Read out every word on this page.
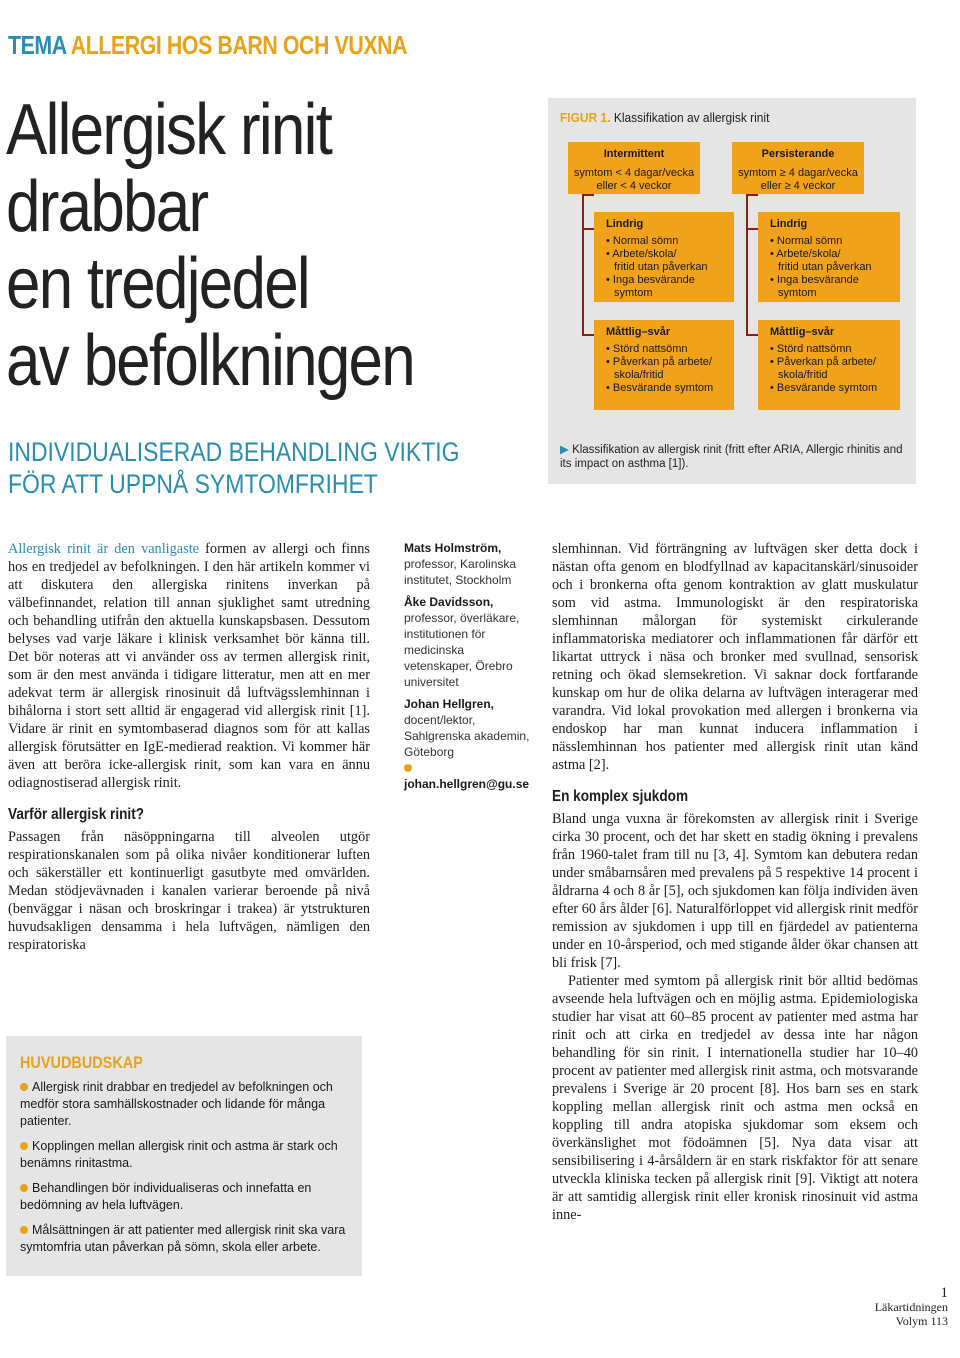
TEMA ALLERGI HOS BARN OCH VUXNA
Allergisk rinit
drabbar
en tredjedel
av befolkningen
INDIVIDUALISERAD BEHANDLING VIKTIG
FÖR ATT UPPNÅ SYMTOMFRIHET
FIGUR 1. Klassifikation av allergisk rinit
Intermittent
symtom < 4 dagar/vecka
eller < 4 veckor
Persisterande
symtom ≥ 4 dagar/vecka
eller ≥ 4 veckor
Lindrig
• Normal sömn
• Arbete/skola/
fritid utan påverkan
• Inga besvärande symtom
Lindrig
• Normal sömn
• Arbete/skola/
fritid utan påverkan
• Inga besvärande symtom
Måttlig–svår
• Störd nattsömn
• Påverkan på arbete/
skola/fritid
• Besvärande symtom
Måttlig–svår
• Störd nattsömn
• Påverkan på arbete/
skola/fritid
• Besvärande symtom
▶ Klassifikation av allergisk rinit (fritt efter ARIA, Allergic rhinitis and its impact on asthma [1]).

Allergisk rinit är den vanligaste formen av allergi och finns hos en tredjedel av befolkningen. I den här artikeln kommer vi att diskutera den allergiska rinitens inverkan på välbefinnandet, relation till annan sjuklighet samt utredning och behandling utifrån den aktuella kunskapsbasen. Dessutom belyses vad varje läkare i klinisk verksamhet bör känna till. Det bör noteras att vi använder oss av termen allergisk rinit, som är den mest använda i tidigare litteratur, men att en mer adekvat term är allergisk rinosinuit då luftvägsslemhinnan i bihålorna i stort sett alltid är engagerad vid allergisk rinit [1]. Vidare är rinit en symtombaserad diagnos som för att kallas allergisk förutsätter en IgE-medierad reaktion. Vi kommer här även att beröra icke-allergisk rinit, som kan vara en ännu odiagnostiserad allergisk rinit.

Varför allergisk rinit?

Passagen från näsöppningarna till alveolen utgör respirationskanalen som på olika nivåer konditionerar luften och säkerställer ett kontinuerligt gasutbyte med omvärlden. Medan stödjevävnaden i kanalen varierar beroende på nivå (benväggar i näsan och broskringar i trakea) är ytstrukturen huvudsakligen densamma i hela luftvägen, nämligen den respiratoriska

Mats Holmström,
professor, Karolinska institutet, Stockholm
Åke Davidsson,
professor, överläkare, institutionen för medicinska vetenskaper, Örebro universitet
Johan Hellgren,
docent/lektor, Sahlgrenska akademin, Göteborg
johan.hellgren@gu.se

slemhinnan. Vid förträngning av luftvägen sker detta dock i nästan ofta genom en blodfyllnad av kapacitanskärl/sinusoider och i bronkerna ofta genom kontraktion av glatt muskulatur som vid astma. Immunologiskt är den respiratoriska slemhinnan målorgan för systemiskt cirkulerande inflammatoriska mediatorer och inflammationen får därför ett likartat uttryck i näsa och bronker med svullnad, sensorisk retning och ökad slemsekretion. Vi saknar dock fortfarande kunskap om hur de olika delarna av luftvägen interagerar med varandra. Vid lokal provokation med allergen i bronkerna via endoskop har man kunnat inducera inflammation i nässlemhinnan hos patienter med allergisk rinit utan känd astma [2].

En komplex sjukdom

Bland unga vuxna är förekomsten av allergisk rinit i Sverige cirka 30 procent, och det har skett en stadig ökning i prevalens från 1960-talet fram till nu [3, 4]. Symtom kan debutera redan under småbarnsåren med prevalens på 5 respektive 14 procent i åldrarna 4 och 8 år [5], och sjukdomen kan följa individen även efter 60 års ålder [6]. Naturalförloppet vid allergisk rinit medför remission av sjukdomen i upp till en fjärdedel av patienterna under en 10-årsperiod, och med stigande ålder ökar chansen att bli frisk [7].

Patienter med symtom på allergisk rinit bör alltid bedömas avseende hela luftvägen och en möjlig astma. Epidemiologiska studier har visat att 60–85 procent av patienter med astma har rinit och att cirka en tredjedel av dessa inte har någon behandling för sin rinit. I internationella studier har 10–40 procent av patienter med allergisk rinit astma, och motsvarande prevalens i Sverige är 20 procent [8]. Hos barn ses en stark koppling mellan allergisk rinit och astma men också en koppling till andra atopiska sjukdomar som eksem och överkänslighet mot födoämnen [5]. Nya data visar att sensibilisering i 4-årsåldern är en stark riskfaktor för att senare utveckla kliniska tecken på allergisk rinit [9]. Viktigt att notera är att samtidig allergisk rinit eller kronisk rinosinuit vid astma inne-

HUVUDBUDSKAP
Allergisk rinit drabbar en tredjedel av befolkningen och medför stora samhällskostnader och lidande för många patienter.
Kopplingen mellan allergisk rinit och astma är stark och benämns rinitastma.
Behandlingen bör individualiseras och innefatta en bedömning av hela luftvägen.
Målsättningen är att patienter med allergisk rinit ska vara symtomfria utan påverkan på sömn, skola eller arbete.
1
Läkartidningen
Volym 113
